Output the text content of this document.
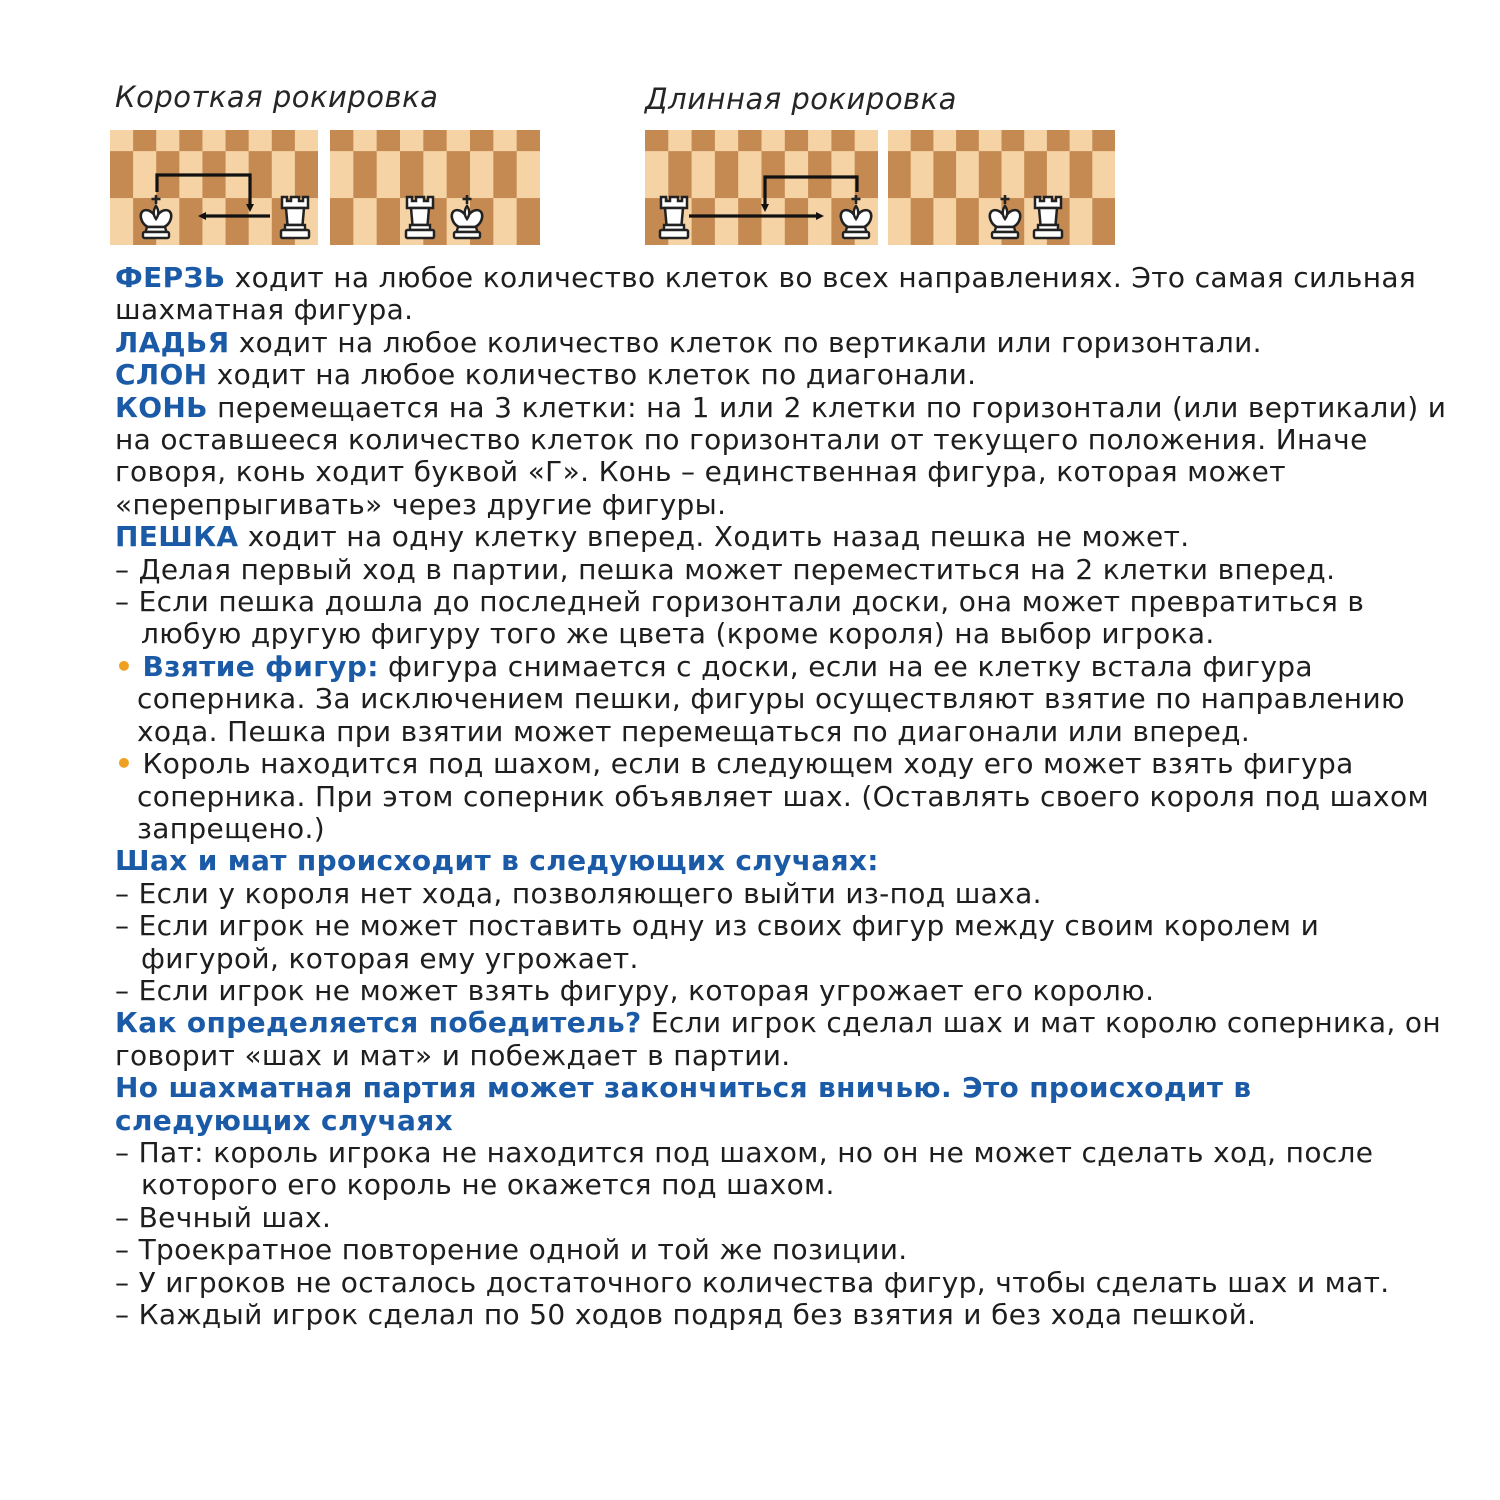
Короткая рокировка	Длинная рокировка

ФЕРЗЬ ходит на любое количество клеток во всех направлениях. Это самая сильная шахматная фигура.

ЛАДЬЯ ходит на любое количество клеток по вертикали или горизонтали.

СЛОН ходит на любое количество клеток по диагонали.

КОНЬ перемещается на 3 клетки: на 1 или 2 клетки по горизонтали (или вертикали) и на оставшееся количество клеток по горизонтали от текущего положения. Иначе говоря, конь ходит буквой «Г». Конь – единственная фигура, которая может «перепрыгивать» через другие фигуры.

ПЕШКА ходит на одну клетку вперед. Ходить назад пешка не может.

– Делая первый ход в партии, пешка может переместиться на 2 клетки вперед.

– Если пешка дошла до последней горизонтали доски, она может превратиться в любую другую фигуру того же цвета (кроме короля) на выбор игрока.

• Взятие фигур: фигура снимается с доски, если на ее клетку встала фигура соперника. За исключением пешки, фигуры осуществляют взятие по направлению хода. Пешка при взятии может перемещаться по диагонали или вперед.

• Король находится под шахом, если в следующем ходу его может взять фигура соперника. При этом соперник объявляет шах. (Оставлять своего короля под шахом запрещено.)

Шах и мат происходит в следующих случаях:

– Если у короля нет хода, позволяющего выйти из-под шаха.

– Если игрок не может поставить одну из своих фигур между своим королем и фигурой, которая ему угрожает.

– Если игрок не может взять фигуру, которая угрожает его королю.

Как определяется победитель? Если игрок сделал шах и мат королю соперника, он говорит «шах и мат» и побеждает в партии.

Но шахматная партия может закончиться вничью. Это происходит в следующих случаях

– Пат: король игрока не находится под шахом, но он не может сделать ход, после которого его король не окажется под шахом.

– Вечный шах.

– Троекратное повторение одной и той же позиции.

– У игроков не осталось достаточного количества фигур, чтобы сделать шах и мат.

– Каждый игрок сделал по 50 ходов подряд без взятия и без хода пешкой.
